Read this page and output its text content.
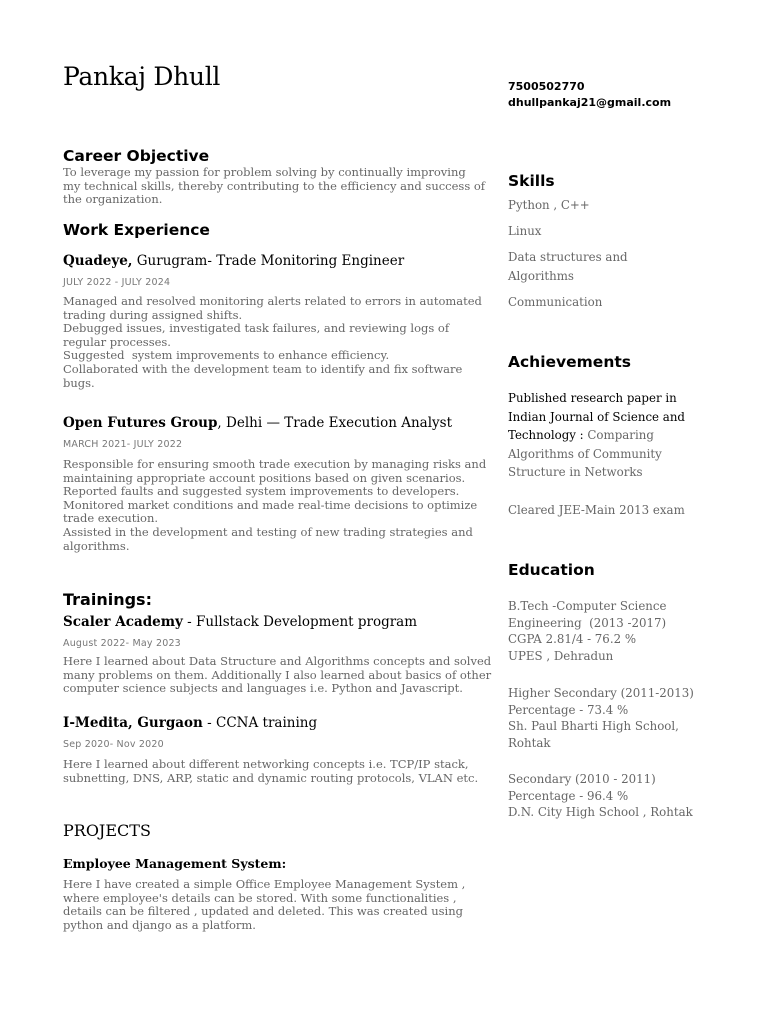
Pankaj Dhull	7500502770
dhullpankaj21@gmail.com
Career Objective
To leverage my passion for problem solving by continually improving
my technical skills, thereby contributing to the efficiency and success of
the organization.
Work Experience
Quadeye, Gurugram- Trade Monitoring Engineer
JULY 2022 - JULY 2024
Managed and resolved monitoring alerts related to errors in automated
trading during assigned shifts.
Debugged issues, investigated task failures, and reviewing logs of
regular processes.
Suggested  system improvements to enhance efficiency.
Collaborated with the development team to identify and fix software
bugs.
Open Futures Group, Delhi — Trade Execution Analyst
MARCH 2021- JULY 2022
Responsible for ensuring smooth trade execution by managing risks and
maintaining appropriate account positions based on given scenarios.
Reported faults and suggested system improvements to developers.
Monitored market conditions and made real-time decisions to optimize
trade execution.
Assisted in the development and testing of new trading strategies and
algorithms.
Trainings:
Scaler Academy - Fullstack Development program
August 2022- May 2023
Here I learned about Data Structure and Algorithms concepts and solved
many problems on them. Additionally I also learned about basics of other
computer science subjects and languages i.e. Python and Javascript.
I-Medita, Gurgaon - CCNA training
Sep 2020- Nov 2020
Here I learned about different networking concepts i.e. TCP/IP stack,
subnetting, DNS, ARP, static and dynamic routing protocols, VLAN etc.
PROJECTS
Employee Management System:
Here I have created a simple Office Employee Management System ,
where employee's details can be stored. With some functionalities ,
details can be filtered , updated and deleted. This was created using
python and django as a platform.
Skills
Python , C++
Linux
Data structures and
Algorithms
Communication
Achievements
Published research paper in
Indian Journal of Science and
Technology : Comparing
Algorithms of Community
Structure in Networks
Cleared JEE-Main 2013 exam
Education
B.Tech -Computer Science
Engineering  (2013 -2017)
CGPA 2.81/4 - 76.2 %
UPES , Dehradun
Higher Secondary (2011-2013)
Percentage - 73.4 %
Sh. Paul Bharti High School,
Rohtak
Secondary (2010 - 2011)
Percentage - 96.4 %
D.N. City High School , Rohtak
